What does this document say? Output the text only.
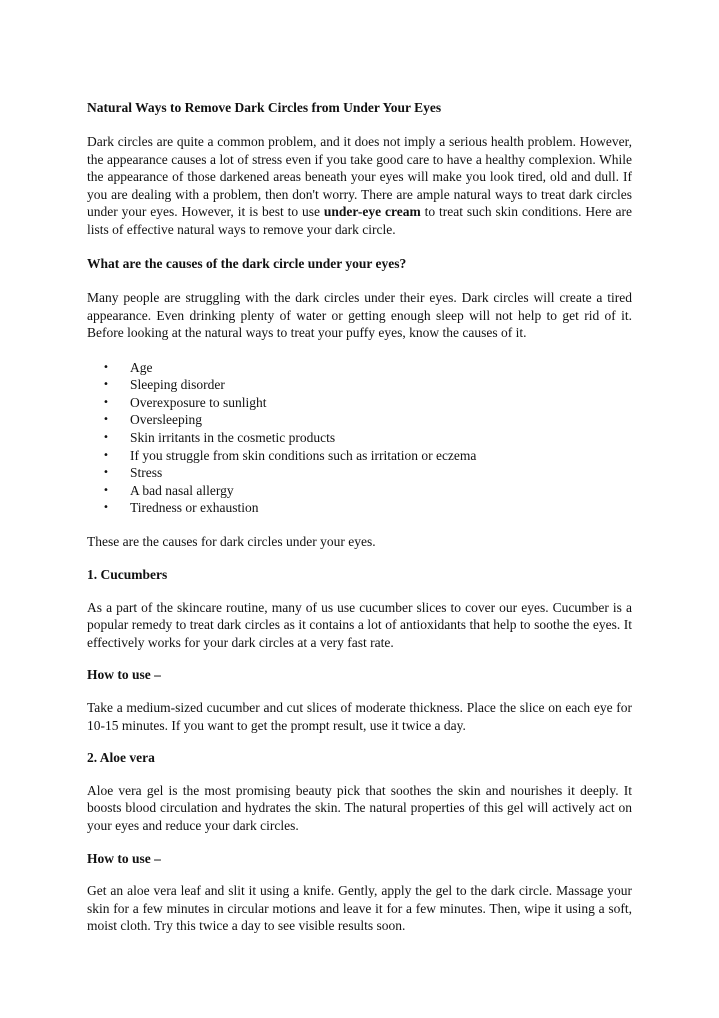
Natural Ways to Remove Dark Circles from Under Your Eyes

Dark circles are quite a common problem, and it does not imply a serious health problem. However, the appearance causes a lot of stress even if you take good care to have a healthy complexion. While the appearance of those darkened areas beneath your eyes will make you look tired, old and dull. If you are dealing with a problem, then don't worry. There are ample natural ways to treat dark circles under your eyes. However, it is best to use under-eye cream to treat such skin conditions. Here are lists of effective natural ways to remove your dark circle.

What are the causes of the dark circle under your eyes?

Many people are struggling with the dark circles under their eyes. Dark circles will create a tired appearance. Even drinking plenty of water or getting enough sleep will not help to get rid of it. Before looking at the natural ways to treat your puffy eyes, know the causes of it.

• Age
• Sleeping disorder
• Overexposure to sunlight
• Oversleeping
• Skin irritants in the cosmetic products
• If you struggle from skin conditions such as irritation or eczema
• Stress
• A bad nasal allergy
• Tiredness or exhaustion

These are the causes for dark circles under your eyes.

1. Cucumbers

As a part of the skincare routine, many of us use cucumber slices to cover our eyes. Cucumber is a popular remedy to treat dark circles as it contains a lot of antioxidants that help to soothe the eyes. It effectively works for your dark circles at a very fast rate.

How to use –

Take a medium-sized cucumber and cut slices of moderate thickness. Place the slice on each eye for 10-15 minutes. If you want to get the prompt result, use it twice a day.

2. Aloe vera

Aloe vera gel is the most promising beauty pick that soothes the skin and nourishes it deeply. It boosts blood circulation and hydrates the skin. The natural properties of this gel will actively act on your eyes and reduce your dark circles.

How to use –

Get an aloe vera leaf and slit it using a knife. Gently, apply the gel to the dark circle. Massage your skin for a few minutes in circular motions and leave it for a few minutes. Then, wipe it using a soft, moist cloth. Try this twice a day to see visible results soon.
